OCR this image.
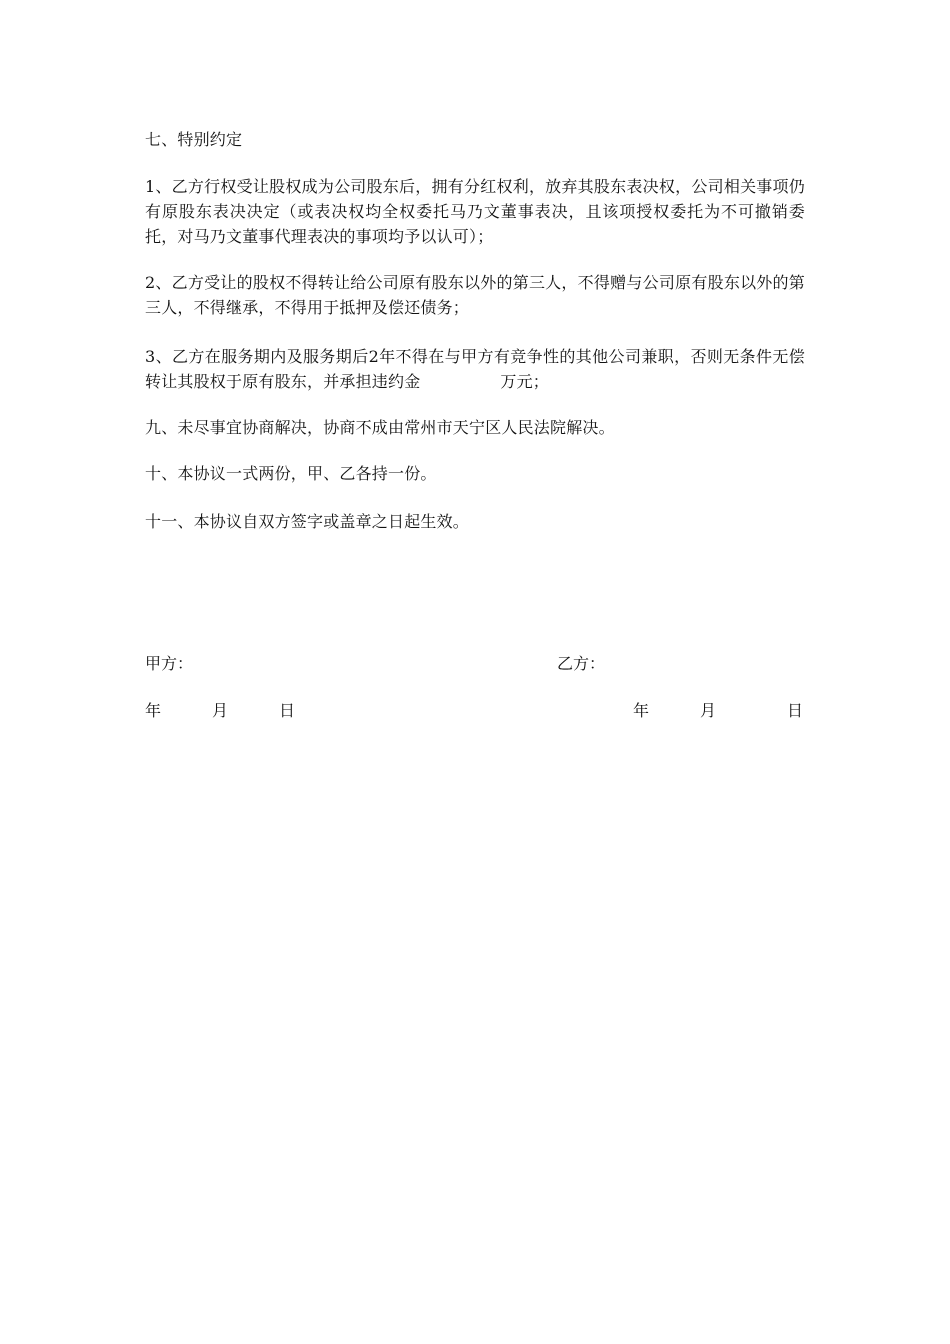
七、特别约定
1、乙方行权受让股权成为公司股东后，拥有分红权利，放弃其股东表决权，公司相关事项仍有原股东表决决定（或表决权均全权委托马乃文董事表决，且该项授权委托为不可撤销委托，对马乃文董事代理表决的事项均予以认可）；
2、乙方受让的股权不得转让给公司原有股东以外的第三人，不得赠与公司原有股东以外的第三人，不得继承，不得用于抵押及偿还债务；
3、乙方在服务期内及服务期后2年不得在与甲方有竞争性的其他公司兼职，否则无条件无偿转让其股权于原有股东，并承担违约金	万元；
九、未尽事宜协商解决，协商不成由常州市天宁区人民法院解决。
十、本协议一式两份，甲、乙各持一份。
十一、本协议自双方签字或盖章之日起生效。
甲方：	乙方：
年	月	日	年	月	日
